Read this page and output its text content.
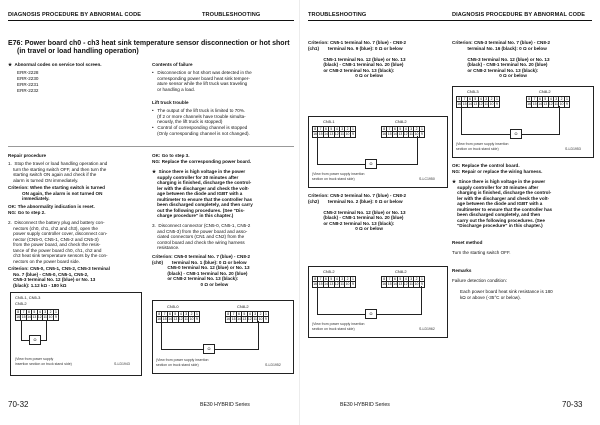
DIAGNOSIS PROCEDURE BY ABNORMAL CODE	TROUBLESHOOTING
E76: Power board ch0 - ch3 heat sink temperature sensor disconnection or hot short
(in travel or load handling operation)
★  Abnormal codes on service tool screen.
ERR-2228
ERR-2230
ERR-2231
ERR-2232
Contents of failure
•   Disconnection or hot short was detected in the
corresponding power board heat sink temper-
ature sensor while the lift truck was traveling
or handling a load.
Lift truck trouble
•   The output of the lift truck is limited to 70%.
(If 2 or more channels have trouble simulta-
neously, the lift truck is stopped)
•   Control of corresponding channel is stopped
(Only corresponding channel is not changed).
Repair procedure
1.  Stop the travel or load handling operation and
turn the starting switch OFF, and then turn the
starting switch ON again and check if the
alarm is turned ON immediately.
Criterion: When the starting switch is turned
ON again, the alarm is not turned ON
immediately.
OK: The abnormality indication is reset.
NG: Go to step 2.
2.  Disconnect the battery plug and battery con-
nectors (ch0, ch1, ch2 and ch3), open the
power supply controller cover, disconnect con-
nector (CN5-0, CN5-1, CN5-2 and CN5-3)
from the power board, and check the resis-
tance of the power board ch0, ch1, ch2 and
ch3 heat sink temperature sensors by the con-
nectors on the power board side.
Criterion: CN5-0, CN5-1, CN5-2, CN5-3 terminal
No. 7 (blue) - CN5-0, CN5-1, CN5-2,
CN5-3 terminal No. 12 (blue) or No. 13
(black): 1.12 kΩ - 180 kΩ
CN5-1, CN5-3
CN5-2
8	7	6	5	4	3	2	1
16 15 14 13 12 11 10 9
Ω
(View from power supply
insertion section on truck stand side)	S-LD1943
OK: Go to step 3.
NG: Replace the corresponding power board.
★  Since there is high voltage in the power
supply controller for 30 minutes after
charging is finished, discharge the control-
ler with the discharger and check the volt-
age between the diode and IGBT with a
multimeter to ensure that the controller has
been discharged completely, and then carry
out the following procedures. (See "Dis-
charge procedure" in this chapter.)
3.  Disconnect connector (CN5-0, CN5-1, CN5-2
and CN5-3) from the power board and asso-
ciated connectors (CN1 and CN2) from the
control board and check the wiring harness
resistance.
Criterion: CN5-0 terminal No. 7 (blue) - CN8-2
(ch0)       terminal No. 1 (blue): 0 Ω or below
CN5-0 terminal No. 12 (blue) or No. 13
(black) - CN8-1 terminal No. 20 (blue)
or CN8-2 terminal No. 13 (black):
0 Ω or below
CN5-0	CN8-2
8	7	6	5	4	3	2	1
16 15 14 13 12 11 10 9
8	7	6	5	4	3	2	1
16 15 14 13 12 11 10 9
Ω
(View from power supply insertion
section on truck stand side)	S-LD1952
70-32	BE30 HYBRID Series
TROUBLESHOOTING	DIAGNOSIS PROCEDURE BY ABNORMAL CODE
Criterion: CN5-1 terminal No. 7 (blue) - CN8-2
(ch1)       terminal No. 9 (blue): 0 Ω or below
CN5-1 terminal No. 12 (blue) or No. 13
(black) - CN8-1 terminal No. 20 (blue)
or CN8-2 terminal No. 13 (black):
0 Ω or below
CN5-1	CN8-2
8	7	6	5	4	3	2	1
16 15 14 13 12 11 10 9
8	7	6	5	4	3	2	1
16 15 14 13 12 11 10 9
Ω
(View from power supply insertion
section on truck stand side)	S-LC1950
Criterion: CN5-2 terminal No. 7 (blue) - CN8-2
(ch2)       terminal No. 2 (blue): 0 Ω or below
CN5-2 terminal No. 12 (blue) or No. 13
(black) - CN8-1 terminal No. 20 (blue)
or CN8-2 terminal No. 13 (black):
0 Ω or below
CN5-2	CN8-2
8	7	6	5	4	3	2	1
16 15 14 13 12 11 10 9
8	7	6	5	4	3	2	1
16 15 14 13 12 11 10 9
Ω
(View from power supply insertion
section on truck stand side)	S-LD1962
Criterion: CN5-3 terminal No. 7 (blue) - CN8-2
terminal No. 16 (black): 0 Ω or below
CN5-3 terminal No. 12 (blue) or No. 13
(black) - CN8-1 terminal No. 20 (blue)
or CN8-2 terminal No. 13 (black):
0 Ω or below
CN5-3	CN8-2
8	7	6	5	4	3	2	1
16 15 14 13 12 11 10 9
8	7	6	5	4	3	2	1
16 15 14 13 12 11 10 9
Ω
(View from power supply insertion
section on truck stand side)	S-LD1953
OK: Replace the control board.
NG: Repair or replace the wiring harness.
★  Since there is high voltage in the power
supply controller for 30 minutes after
charging is finished, discharge the control-
ler with the discharger and check the volt-
age between the diode and IGBT with a
multimeter to ensure that the controller has
been discharged completely, and then
carry out the following procedures. (See
"Discharge procedure" in this chapter.)
Reset method
Turn the starting switch OFF.
Remarks
Failure detection condition:
Each power board heat sink resistance is 180
kΩ or above (-35°C or below).
BE30 HYBRID Series	70-33
